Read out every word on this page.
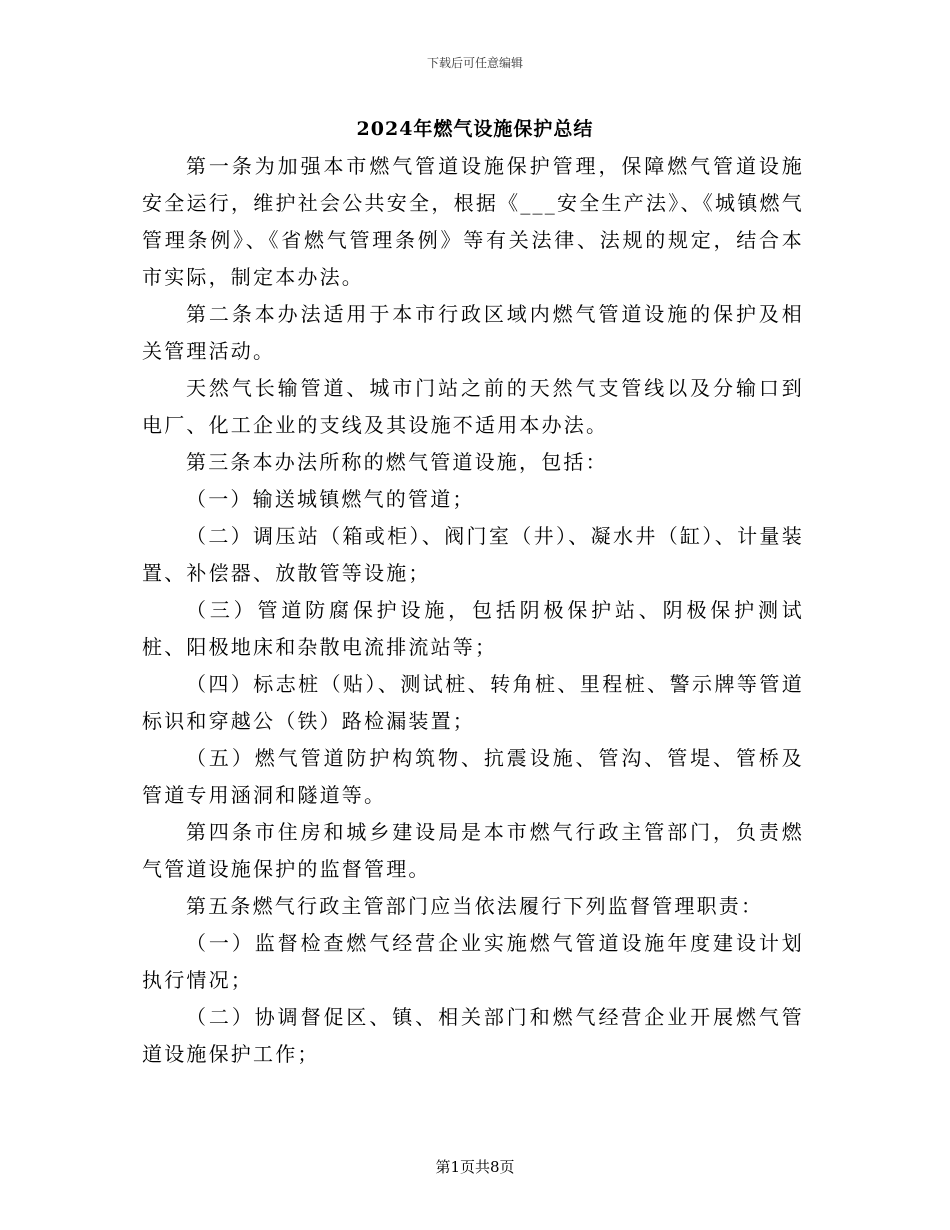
下载后可任意编辑
2024年燃气设施保护总结

第一条为加强本市燃气管道设施保护管理，保障燃气管道设施安全运行，维护社会公共安全，根据《___安全生产法》、《城镇燃气管理条例》、《省燃气管理条例》等有关法律、法规的规定，结合本市实际，制定本办法。

第二条本办法适用于本市行政区域内燃气管道设施的保护及相关管理活动。

天然气长输管道、城市门站之前的天然气支管线以及分输口到电厂、化工企业的支线及其设施不适用本办法。

第三条本办法所称的燃气管道设施，包括：

（一）输送城镇燃气的管道；

（二）调压站（箱或柜）、阀门室（井）、凝水井（缸）、计量装置、补偿器、放散管等设施；

（三）管道防腐保护设施，包括阴极保护站、阴极保护测试桩、阳极地床和杂散电流排流站等；

（四）标志桩（贴）、测试桩、转角桩、里程桩、警示牌等管道标识和穿越公（铁）路检漏装置；

（五）燃气管道防护构筑物、抗震设施、管沟、管堤、管桥及管道专用涵洞和隧道等。

第四条市住房和城乡建设局是本市燃气行政主管部门，负责燃气管道设施保护的监督管理。

第五条燃气行政主管部门应当依法履行下列监督管理职责：

（一）监督检查燃气经营企业实施燃气管道设施年度建设计划执行情况；

（二）协调督促区、镇、相关部门和燃气经营企业开展燃气管道设施保护工作；

第1页共8页
